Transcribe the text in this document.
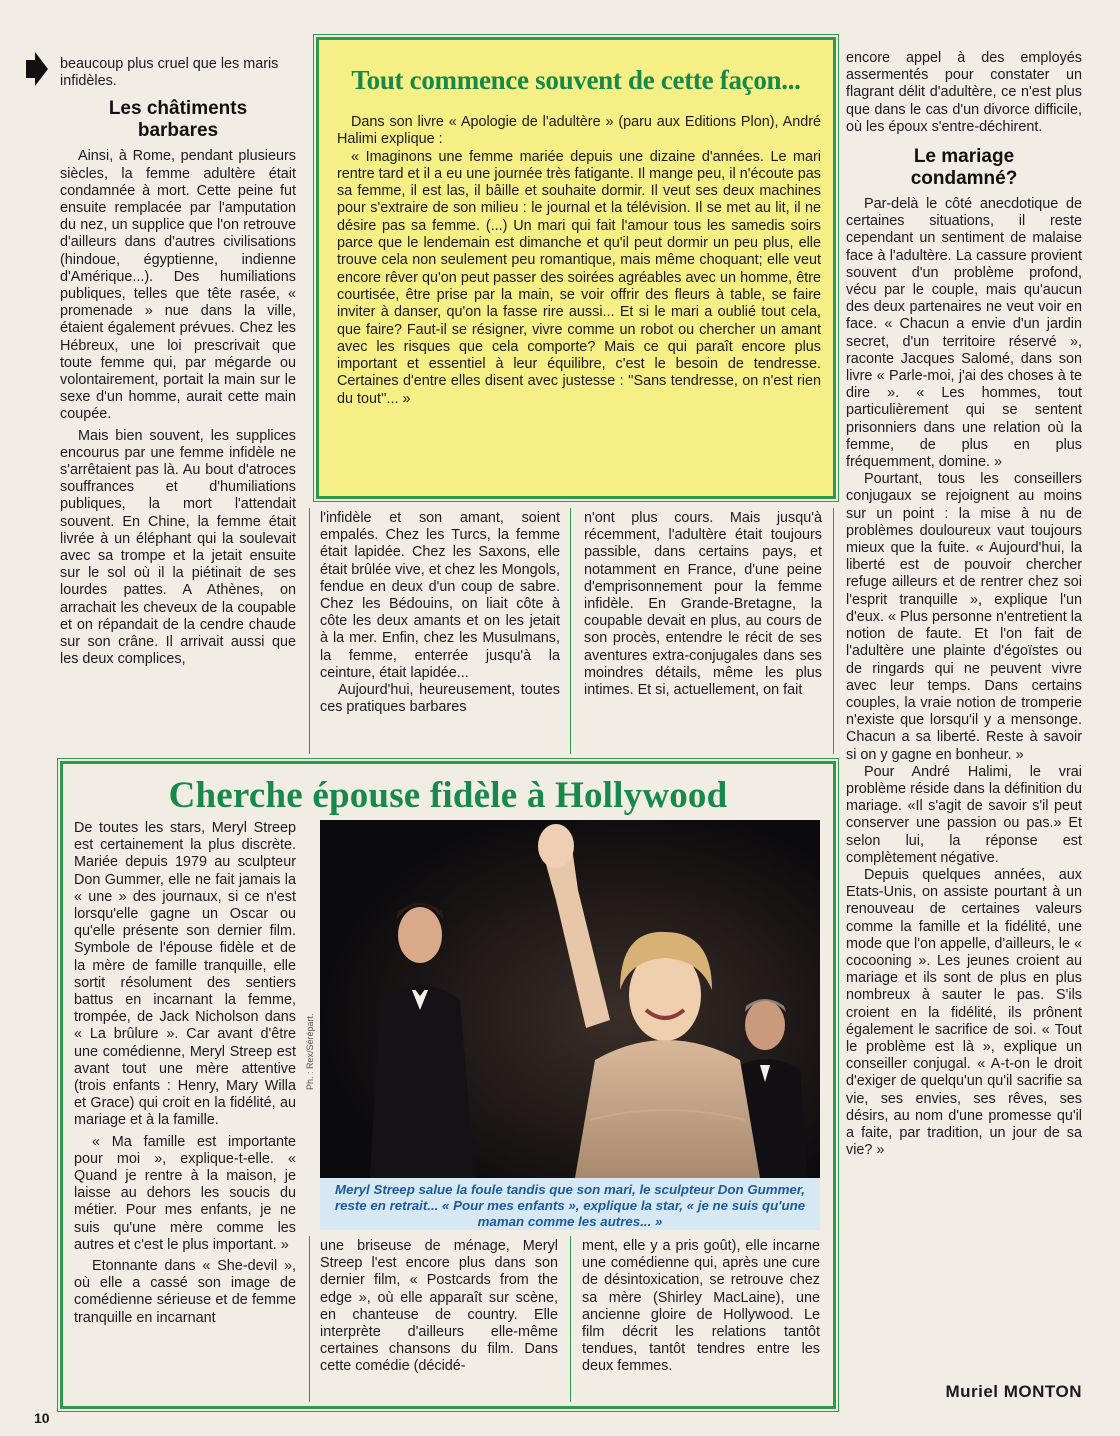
beaucoup plus cruel que les maris infidèles.

Les châtiments barbares

Ainsi, à Rome, pendant plusieurs siècles, la femme adultère était condamnée à mort. Cette peine fut ensuite remplacée par l'amputation du nez, un supplice que l'on retrouve d'ailleurs dans d'autres civilisations (hindoue, égyptienne, indienne d'Amérique...). Des humiliations publiques, telles que tête rasée, « promenade » nue dans la ville, étaient également prévues. Chez les Hébreux, une loi prescrivait que toute femme qui, par mégarde ou volontairement, portait la main sur le sexe d'un homme, aurait cette main coupée.

Mais bien souvent, les supplices encourus par une femme infidèle ne s'arrêtaient pas là. Au bout d'atroces souffrances et d'humiliations publiques, la mort l'attendait souvent. En Chine, la femme était livrée à un éléphant qui la soulevait avec sa trompe et la jetait ensuite sur le sol où il la piétinait de ses lourdes pattes. A Athènes, on arrachait les cheveux de la coupable et on répandait de la cendre chaude sur son crâne. Il arrivait aussi que les deux complices,

Tout commence souvent de cette façon...

Dans son livre « Apologie de l'adultère » (paru aux Editions Plon), André Halimi explique :

« Imaginons une femme mariée depuis une dizaine d'années. Le mari rentre tard et il a eu une journée très fatigante. Il mange peu, il n'écoute pas sa femme, il est las, il bâille et souhaite dormir. Il veut ses deux machines pour s'extraire de son milieu : le journal et la télévision. Il se met au lit, il ne désire pas sa femme. (...) Un mari qui fait l'amour tous les samedis soirs parce que le lendemain est dimanche et qu'il peut dormir un peu plus, elle trouve cela non seulement peu romantique, mais même choquant; elle veut encore rêver qu'on peut passer des soirées agréables avec un homme, être courtisée, être prise par la main, se voir offrir des fleurs à table, se faire inviter à danser, qu'on la fasse rire aussi... Et si le mari a oublié tout cela, que faire? Faut-il se résigner, vivre comme un robot ou chercher un amant avec les risques que cela comporte? Mais ce qui paraît encore plus important et essentiel à leur équilibre, c'est le besoin de tendresse. Certaines d'entre elles disent avec justesse : ''Sans tendresse, on n'est rien du tout''... »

l'infidèle et son amant, soient empalés. Chez les Turcs, la femme était lapidée. Chez les Saxons, elle était brûlée vive, et chez les Mongols, fendue en deux d'un coup de sabre. Chez les Bédouins, on liait côte à côte les deux amants et on les jetait à la mer. Enfin, chez les Musulmans, la femme, enterrée jusqu'à la ceinture, était lapidée...

Aujourd'hui, heureusement, toutes ces pratiques barbares

n'ont plus cours. Mais jusqu'à récemment, l'adultère était toujours passible, dans certains pays, et notamment en France, d'une peine d'emprisonnement pour la femme infidèle. En Grande-Bretagne, la coupable devait en plus, au cours de son procès, entendre le récit de ses aventures extra-conjugales dans ses moindres détails, même les plus intimes. Et si, actuellement, on fait

encore appel à des employés assermentés pour constater un flagrant délit d'adultère, ce n'est plus que dans le cas d'un divorce difficile, où les époux s'entre-déchirent.

Le mariage condamné?

Par-delà le côté anecdotique de certaines situations, il reste cependant un sentiment de malaise face à l'adultère. La cassure provient souvent d'un problème profond, vécu par le couple, mais qu'aucun des deux partenaires ne veut voir en face. « Chacun a envie d'un jardin secret, d'un territoire réservé », raconte Jacques Salomé, dans son livre « Parle-moi, j'ai des choses à te dire ». « Les hommes, tout particulièrement qui se sentent prisonniers dans une relation où la femme, de plus en plus fréquemment, domine. »

Pourtant, tous les conseillers conjugaux se rejoignent au moins sur un point : la mise à nu de problèmes douloureux vaut toujours mieux que la fuite. « Aujourd'hui, la liberté est de pouvoir chercher refuge ailleurs et de rentrer chez soi l'esprit tranquille », explique l'un d'eux. « Plus personne n'entretient la notion de faute. Et l'on fait de l'adultère une plainte d'égoïstes ou de ringards qui ne peuvent vivre avec leur temps. Dans certains couples, la vraie notion de tromperie n'existe que lorsqu'il y a mensonge. Chacun a sa liberté. Reste à savoir si on y gagne en bonheur. »

Pour André Halimi, le vrai problème réside dans la définition du mariage. «Il s'agit de savoir s'il peut conserver une passion ou pas.» Et selon lui, la réponse est complètement négative.

Depuis quelques années, aux Etats-Unis, on assiste pourtant à un renouveau de certaines valeurs comme la famille et la fidélité, une mode que l'on appelle, d'ailleurs, le « cocooning ». Les jeunes croient au mariage et ils sont de plus en plus nombreux à sauter le pas. S'ils croient en la fidélité, ils prônent également le sacrifice de soi. « Tout le problème est là », explique un conseiller conjugal. « A-t-on le droit d'exiger de quelqu'un qu'il sacrifie sa vie, ses envies, ses rêves, ses désirs, au nom d'une promesse qu'il a faite, par tradition, un jour de sa vie? »

Cherche épouse fidèle à Hollywood

De toutes les stars, Meryl Streep est certainement la plus discrète. Mariée depuis 1979 au sculpteur Don Gummer, elle ne fait jamais la « une » des journaux, si ce n'est lorsqu'elle gagne un Oscar ou qu'elle présente son dernier film. Symbole de l'épouse fidèle et de la mère de famille tranquille, elle sortit résolument des sentiers battus en incarnant la femme, trompée, de Jack Nicholson dans « La brûlure ». Car avant d'être une comédienne, Meryl Streep est avant tout une mère attentive (trois enfants : Henry, Mary Willa et Grace) qui croit en la fidélité, au mariage et à la famille.

« Ma famille est importante pour moi », explique-t-elle. « Quand je rentre à la maison, je laisse au dehors les soucis du métier. Pour mes enfants, je ne suis qu'une mère comme les autres et c'est le plus important. »

Etonnante dans « She-devil », où elle a cassé son image de comédienne sérieuse et de femme tranquille en incarnant

Ph. : Rex/Sérépart.
Meryl Streep salue la foule tandis que son mari, le sculpteur Don Gummer, reste en retrait... « Pour mes enfants », explique la star, « je ne suis qu'une maman comme les autres... »

une briseuse de ménage, Meryl Streep l'est encore plus dans son dernier film, « Postcards from the edge », où elle apparaît sur scène, en chanteuse de country. Elle interprète d'ailleurs elle-même certaines chansons du film. Dans cette comédie (décidé-

ment, elle y a pris goût), elle incarne une comédienne qui, après une cure de désintoxication, se retrouve chez sa mère (Shirley MacLaine), une ancienne gloire de Hollywood. Le film décrit les relations tantôt tendues, tantôt tendres entre les deux femmes.

Muriel MONTON
10
